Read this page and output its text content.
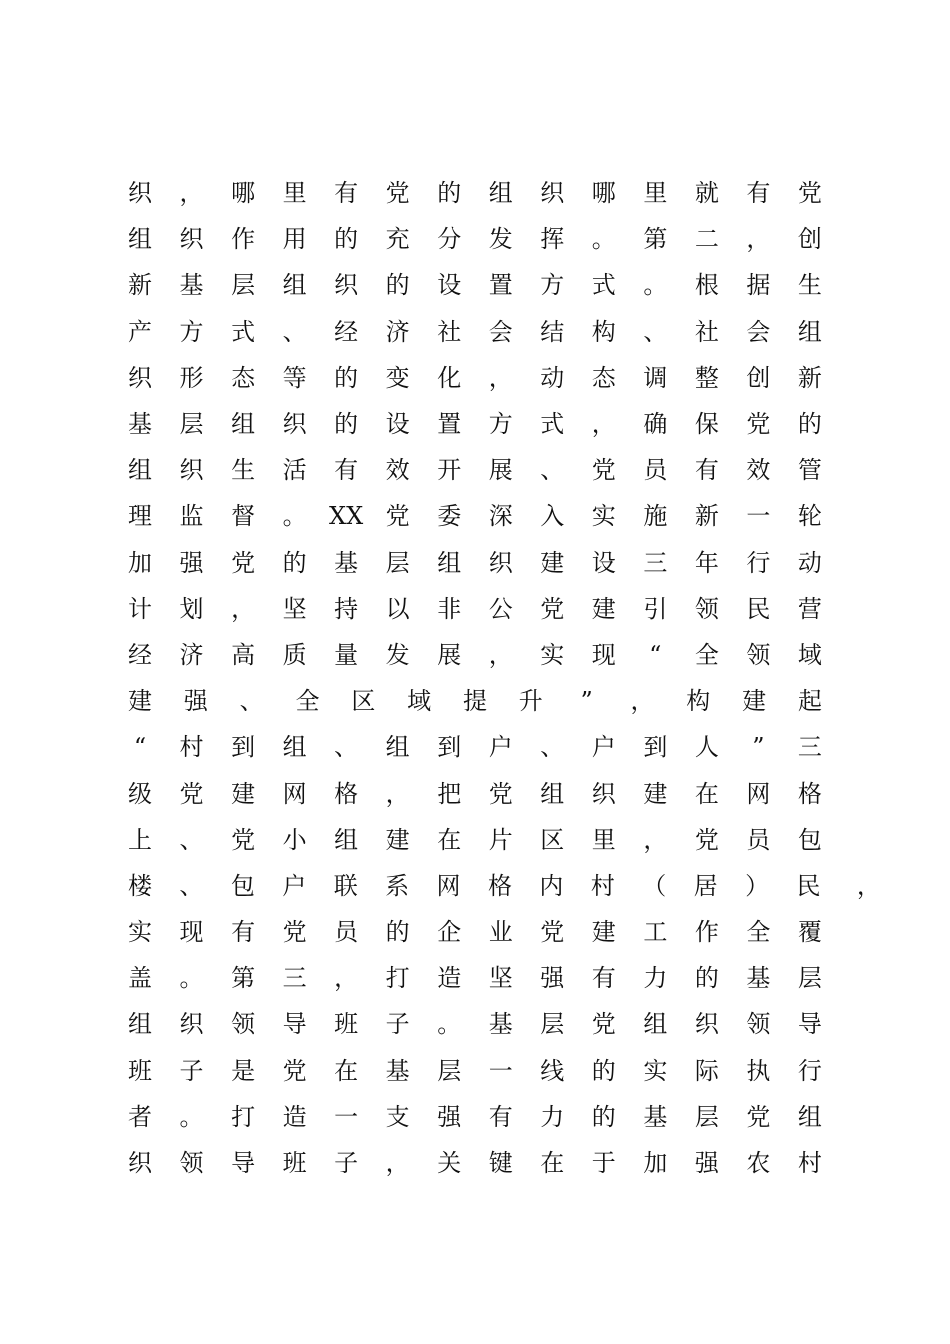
织	，	哪	里	有	党	的	组	织	哪	里	就	有	党
组	织	作	用	的	充	分	发	挥	。	第	二	，	创
新	基	层	组	织	的	设	置	方	式	。	根	据	生
产	方	式	、	经	济	社	会	结	构	、	社	会	组
织	形	态	等	的	变	化	，	动	态	调	整	创	新
基	层	组	织	的	设	置	方	式	，	确	保	党	的
组	织	生	活	有	效	开	展	、	党	员	有	效	管
理	监	督	。 XX 党	委	深	入	实	施	新	一	轮
加	强	党	的	基	层	组	织	建	设	三	年	行	动
计	划	，	坚	持	以	非	公	党	建	引	领	民	营
经	济	高	质	量	发	展	，	实	现	“	全	领	域
建	强	、	全	区	域	提	升	”	，	构	建	起
“	村	到	组	、	组	到	户	、	户	到	人	”	三
级	党	建	网	格	，	把	党	组	织	建	在	网	格
上	、	党	小	组	建	在	片	区	里	，	党	员	包
楼	、	包	户	联	系	网	格	内	村	（	居	）	民	，
实	现	有	党	员	的	企	业	党	建	工	作	全	覆
盖	。	第	三	，	打	造	坚	强	有	力	的	基	层
组	织	领	导	班	子	。	基	层	党	组	织	领	导
班	子	是	党	在	基	层	一	线	的	实	际	执	行
者	。	打	造	一	支	强	有	力	的	基	层	党	组
织	领	导	班	子	，	关	键	在	于	加	强	农	村
